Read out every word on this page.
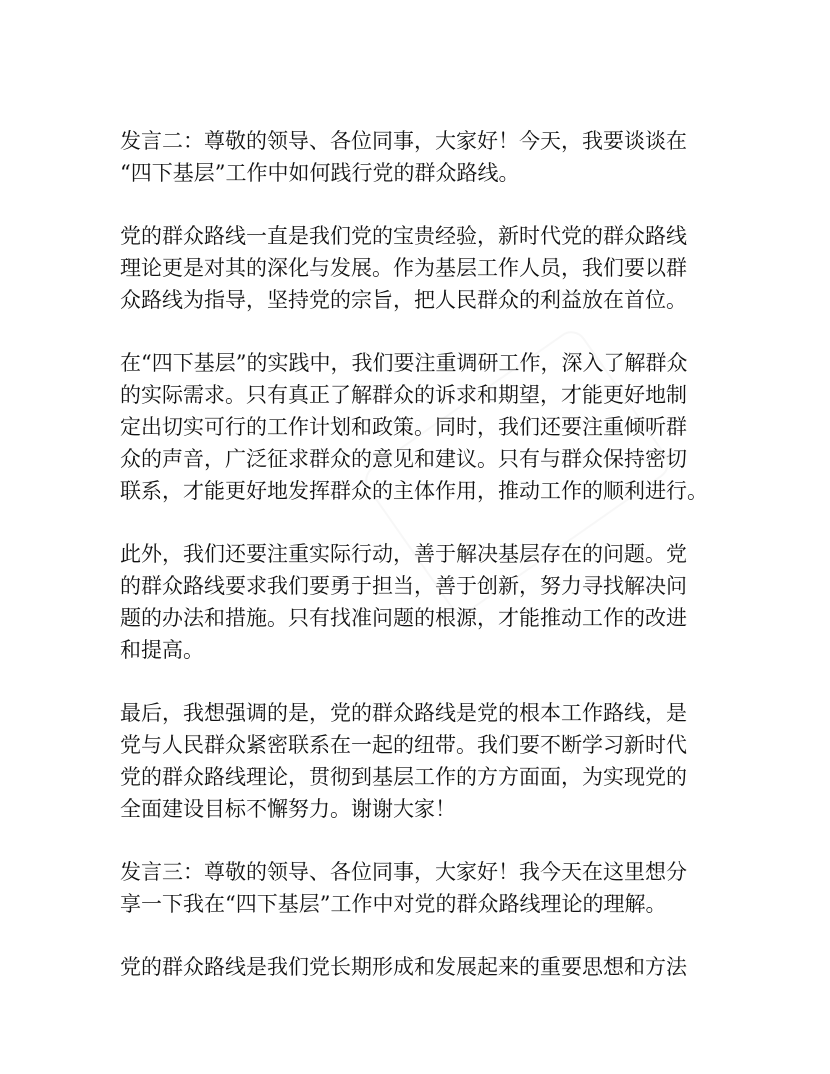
发言二：尊敬的领导、各位同事，大家好！今天，我要谈谈在
“四下基层”工作中如何践行党的群众路线。

党的群众路线一直是我们党的宝贵经验，新时代党的群众路线
理论更是对其的深化与发展。作为基层工作人员，我们要以群
众路线为指导，坚持党的宗旨，把人民群众的利益放在首位。

在“四下基层”的实践中，我们要注重调研工作，深入了解群众
的实际需求。只有真正了解群众的诉求和期望，才能更好地制
定出切实可行的工作计划和政策。同时，我们还要注重倾听群
众的声音，广泛征求群众的意见和建议。只有与群众保持密切
联系，才能更好地发挥群众的主体作用，推动工作的顺利进行。

此外，我们还要注重实际行动，善于解决基层存在的问题。党
的群众路线要求我们要勇于担当，善于创新，努力寻找解决问
题的办法和措施。只有找准问题的根源，才能推动工作的改进
和提高。

最后，我想强调的是，党的群众路线是党的根本工作路线，是
党与人民群众紧密联系在一起的纽带。我们要不断学习新时代
党的群众路线理论，贯彻到基层工作的方方面面，为实现党的
全面建设目标不懈努力。谢谢大家！

发言三：尊敬的领导、各位同事，大家好！我今天在这里想分
享一下我在“四下基层”工作中对党的群众路线理论的理解。

党的群众路线是我们党长期形成和发展起来的重要思想和方法
